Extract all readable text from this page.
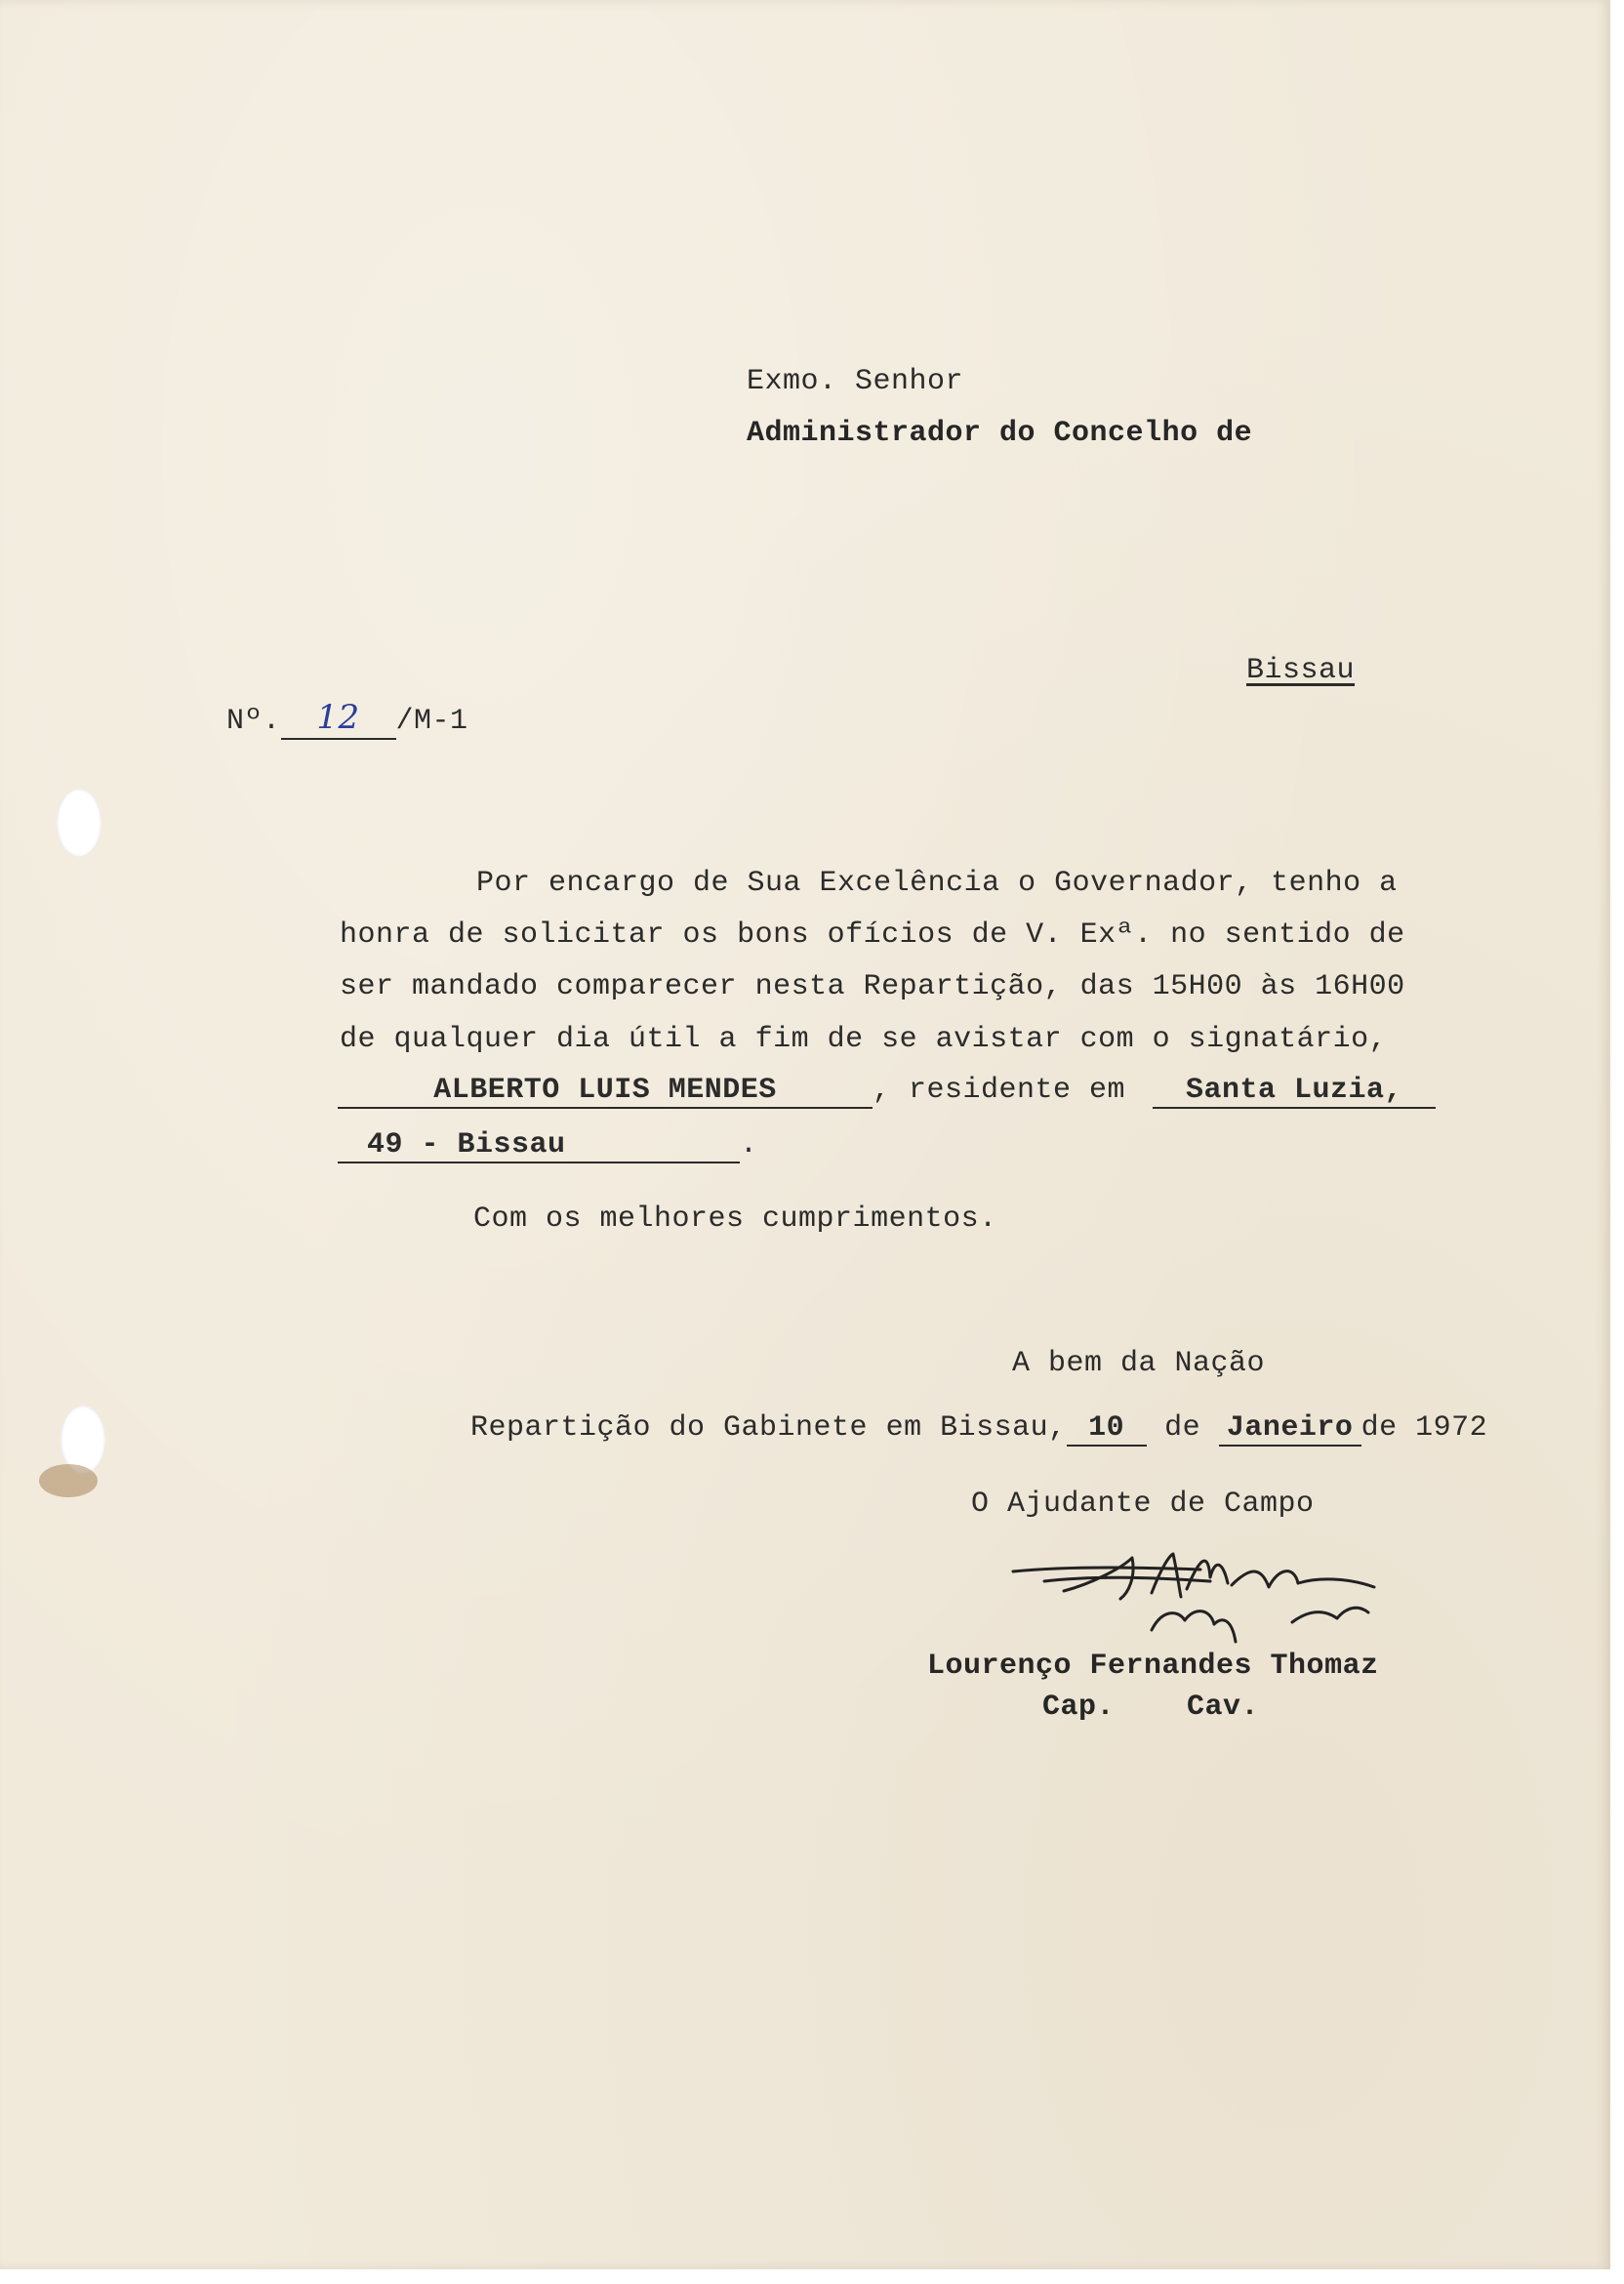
Exmo. Senhor
Administrador do Concelho de
Bissau
Nº. 12 /M-1
Por encargo de Sua Excelência o Governador, tenho a
honra de solicitar os bons ofícios de V. Exª. no sentido de
ser mandado comparecer nesta Repartição, das 15H00 às 16H00
de qualquer dia útil a fim de se avistar com o signatário,
ALBERTO LUIS MENDES	, residente em Santa Luzia,
49 - Bissau	.
Com os melhores cumprimentos.
A bem da Nação
Repartição do Gabinete em Bissau, 10 de Janeiro de 1972
O Ajudante de Campo
Lourenço Fernandes Thomaz
Cap.    Cav.
